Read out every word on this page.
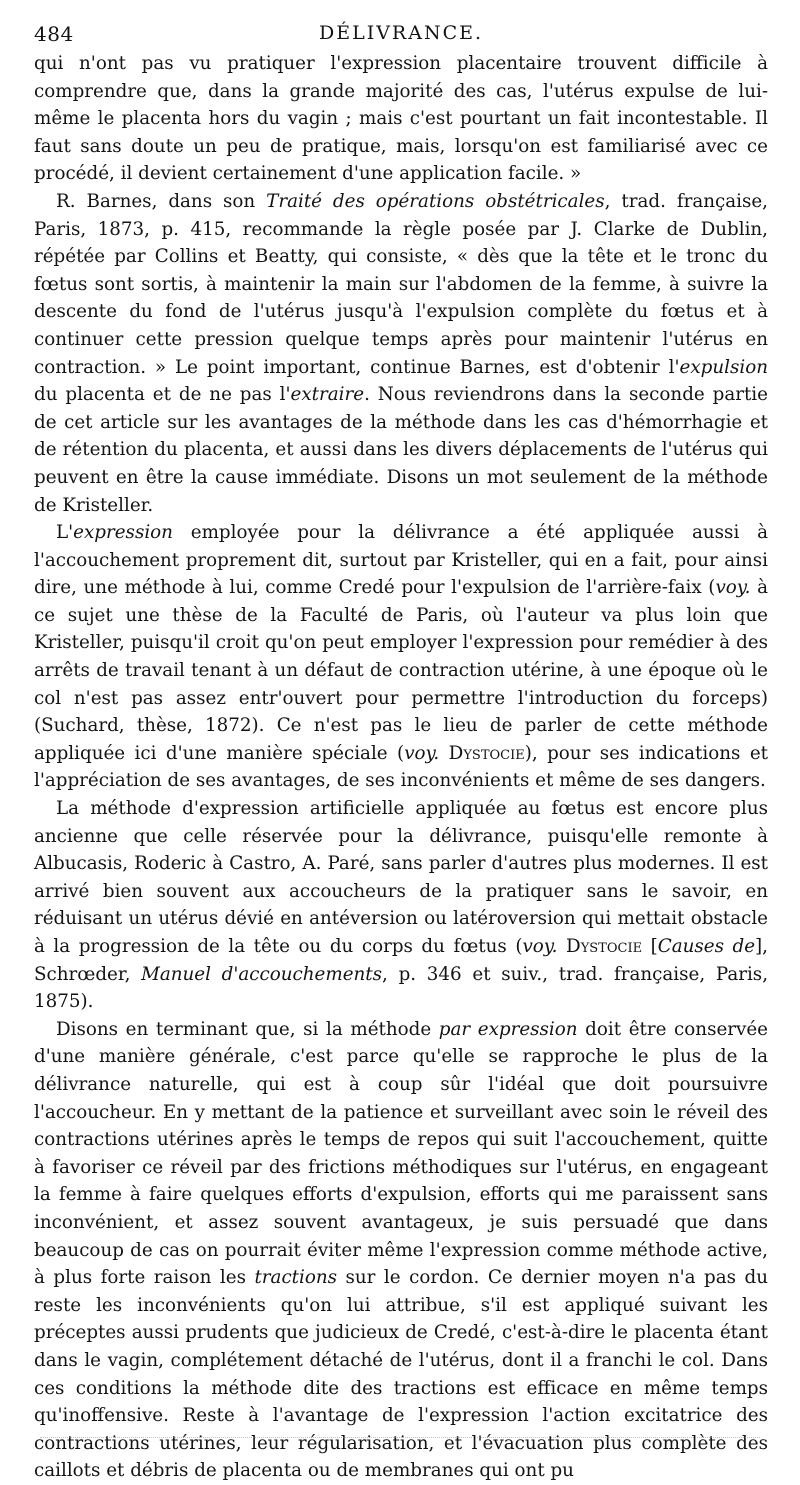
484	DÉLIVRANCE.

qui n'ont pas vu pratiquer l'expression placentaire trouvent difficile à comprendre que, dans la grande majorité des cas, l'utérus expulse de lui-même le placenta hors du vagin ; mais c'est pourtant un fait incontestable. Il faut sans doute un peu de pratique, mais, lorsqu'on est familiarisé avec ce procédé, il devient certainement d'une application facile. »

R. Barnes, dans son Traité des opérations obstétricales, trad. française, Paris, 1873, p. 415, recommande la règle posée par J. Clarke de Dublin, répétée par Collins et Beatty, qui consiste, « dès que la tête et le tronc du fœtus sont sortis, à maintenir la main sur l'abdomen de la femme, à suivre la descente du fond de l'utérus jusqu'à l'expulsion complète du fœtus et à continuer cette pression quelque temps après pour maintenir l'utérus en contraction. » Le point important, continue Barnes, est d'obtenir l'expulsion du placenta et de ne pas l'extraire. Nous reviendrons dans la seconde partie de cet article sur les avantages de la méthode dans les cas d'hémorrhagie et de rétention du placenta, et aussi dans les divers déplacements de l'utérus qui peuvent en être la cause immédiate. Disons un mot seulement de la méthode de Kristeller.

L'expression employée pour la délivrance a été appliquée aussi à l'accouchement proprement dit, surtout par Kristeller, qui en a fait, pour ainsi dire, une méthode à lui, comme Credé pour l'expulsion de l'arrière-faix (voy. à ce sujet une thèse de la Faculté de Paris, où l'auteur va plus loin que Kristeller, puisqu'il croit qu'on peut employer l'expression pour remédier à des arrêts de travail tenant à un défaut de contraction utérine, à une époque où le col n'est pas assez entr'ouvert pour permettre l'introduction du forceps) (Suchard, thèse, 1872). Ce n'est pas le lieu de parler de cette méthode appliquée ici d'une manière spéciale (voy. Dystocie), pour ses indications et l'appréciation de ses avantages, de ses inconvénients et même de ses dangers.

La méthode d'expression artificielle appliquée au fœtus est encore plus ancienne que celle réservée pour la délivrance, puisqu'elle remonte à Albucasis, Roderic à Castro, A. Paré, sans parler d'autres plus modernes. Il est arrivé bien souvent aux accoucheurs de la pratiquer sans le savoir, en réduisant un utérus dévié en antéversion ou latéroversion qui mettait obstacle à la progression de la tête ou du corps du fœtus (voy. Dystocie [Causes de], Schrœder, Manuel d'accouchements, p. 346 et suiv., trad. française, Paris, 1875).

Disons en terminant que, si la méthode par expression doit être conservée d'une manière générale, c'est parce qu'elle se rapproche le plus de la délivrance naturelle, qui est à coup sûr l'idéal que doit poursuivre l'accoucheur. En y mettant de la patience et surveillant avec soin le réveil des contractions utérines après le temps de repos qui suit l'accouchement, quitte à favoriser ce réveil par des frictions méthodiques sur l'utérus, en engageant la femme à faire quelques efforts d'expulsion, efforts qui me paraissent sans inconvénient, et assez souvent avantageux, je suis persuadé que dans beaucoup de cas on pourrait éviter même l'expression comme méthode active, à plus forte raison les tractions sur le cordon. Ce dernier moyen n'a pas du reste les inconvénients qu'on lui attribue, s'il est appliqué suivant les préceptes aussi prudents que judicieux de Credé, c'est-à-dire le placenta étant dans le vagin, complétement détaché de l'utérus, dont il a franchi le col. Dans ces conditions la méthode dite des tractions est efficace en même temps qu'inoffensive. Reste à l'avantage de l'expression l'action excitatrice des contractions utérines, leur régularisation, et l'évacuation plus complète des caillots et débris de placenta ou de membranes qui ont pu
